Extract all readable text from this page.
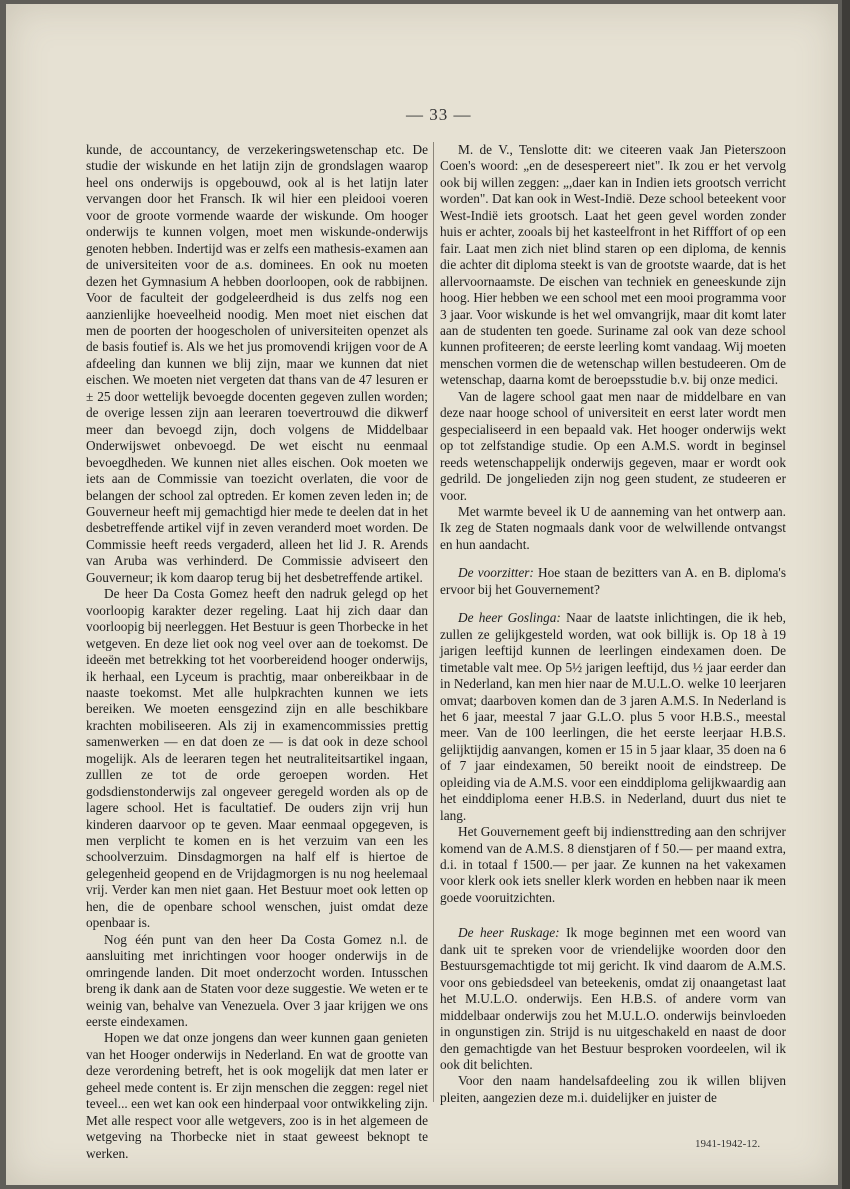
— 33 —

kunde, de accountancy, de verzekeringswetenschap etc. De studie der wiskunde en het latijn zijn de grondslagen waarop heel ons onderwijs is opgebouwd, ook al is het latijn later vervangen door het Fransch. Ik wil hier een pleidooi voeren voor de groote vormende waarde der wiskunde. Om hooger onderwijs te kunnen volgen, moet men wiskunde-onderwijs genoten hebben. Indertijd was er zelfs een mathesis-examen aan de universiteiten voor de a.s. dominees. En ook nu moeten dezen het Gymnasium A hebben doorloopen, ook de rabbijnen. Voor de faculteit der godgeleerdheid is dus zelfs nog een aanzienlijke hoeveelheid noodig. Men moet niet eischen dat men de poorten der hoogescholen of universiteiten openzet als de basis foutief is. Als we het jus promovendi krijgen voor de A afdeeling dan kunnen we blij zijn, maar we kunnen dat niet eischen. We moeten niet vergeten dat thans van de 47 lesuren er ± 25 door wettelijk bevoegde docenten gegeven zullen worden; de overige lessen zijn aan leeraren toevertrouwd die dikwerf meer dan bevoegd zijn, doch volgens de Middelbaar Onderwijswet onbevoegd. De wet eischt nu eenmaal bevoegdheden. We kunnen niet alles eischen. Ook moeten we iets aan de Commissie van toezicht overlaten, die voor de belangen der school zal optreden. Er komen zeven leden in; de Gouverneur heeft mij gemachtigd hier mede te deelen dat in het desbetreffende artikel vijf in zeven veranderd moet worden. De Commissie heeft reeds vergaderd, alleen het lid J. R. Arends van Aruba was verhinderd. De Commissie adviseert den Gouverneur; ik kom daarop terug bij het desbetreffende artikel.

De heer Da Costa Gomez heeft den nadruk gelegd op het voorloopig karakter dezer regeling. Laat hij zich daar dan voorloopig bij neerleggen. Het Bestuur is geen Thorbecke in het wetgeven. En deze liet ook nog veel over aan de toekomst. De ideeën met betrekking tot het voorbereidend hooger onderwijs, ik herhaal, een Lyceum is prachtig, maar onbereikbaar in de naaste toekomst. Met alle hulpkrachten kunnen we iets bereiken. We moeten eensgezind zijn en alle beschikbare krachten mobiliseeren. Als zij in examencommissies prettig samenwerken — en dat doen ze — is dat ook in deze school mogelijk. Als de leeraren tegen het neutraliteitsartikel ingaan, zulllen ze tot de orde geroepen worden. Het godsdienstonderwijs zal ongeveer geregeld worden als op de lagere school. Het is facultatief. De ouders zijn vrij hun kinderen daarvoor op te geven. Maar eenmaal opgegeven, is men verplicht te komen en is het verzuim van een les schoolverzuim. Dinsdagmorgen na half elf is hiertoe de gelegenheid geopend en de Vrijdagmorgen is nu nog heelemaal vrij. Verder kan men niet gaan. Het Bestuur moet ook letten op hen, die de openbare school wenschen, juist omdat deze openbaar is.

Nog één punt van den heer Da Costa Gomez n.l. de aansluiting met inrichtingen voor hooger onderwijs in de omringende landen. Dit moet onderzocht worden. Intusschen breng ik dank aan de Staten voor deze suggestie. We weten er te weinig van, behalve van Venezuela. Over 3 jaar krijgen we ons eerste eindexamen.

Hopen we dat onze jongens dan weer kunnen gaan genieten van het Hooger onderwijs in Nederland. En wat de grootte van deze verordening betreft, het is ook mogelijk dat men later er geheel mede content is. Er zijn menschen die zeggen: regel niet teveel... een wet kan ook een hinderpaal voor ontwikkeling zijn. Met alle respect voor alle wetgevers, zoo is in het algemeen de wetgeving na Thorbecke niet in staat geweest beknopt te werken.

M. de V., Tenslotte dit: we citeeren vaak Jan Pieterszoon Coen's woord: „en de desespereert niet". Ik zou er het vervolg ook bij willen zeggen: „,daer kan in Indien iets grootsch verricht worden". Dat kan ook in West-Indië. Deze school beteekent voor West-Indië iets grootsch. Laat het geen gevel worden zonder huis er achter, zooals bij het kasteelfront in het Rifffort of op een fair. Laat men zich niet blind staren op een diploma, de kennis die achter dit diploma steekt is van de grootste waarde, dat is het allervoornaamste. De eischen van techniek en geneeskunde zijn hoog. Hier hebben we een school met een mooi programma voor 3 jaar. Voor wiskunde is het wel omvangrijk, maar dit komt later aan de studenten ten goede. Suriname zal ook van deze school kunnen profiteeren; de eerste leerling komt vandaag. Wij moeten menschen vormen die de wetenschap willen bestudeeren. Om de wetenschap, daarna komt de beroepsstudie b.v. bij onze medici.

Van de lagere school gaat men naar de middelbare en van deze naar hooge school of universiteit en eerst later wordt men gespecialiseerd in een bepaald vak. Het hooger onderwijs wekt op tot zelfstandige studie. Op een A.M.S. wordt in beginsel reeds wetenschappelijk onderwijs gegeven, maar er wordt ook gedrild. De jongelieden zijn nog geen student, ze studeeren er voor.

Met warmte beveel ik U de aanneming van het ontwerp aan. Ik zeg de Staten nogmaals dank voor de welwillende ontvangst en hun aandacht.

De voorzitter: Hoe staan de bezitters van A. en B. diploma's ervoor bij het Gouvernement?

De heer Goslinga: Naar de laatste inlichtingen, die ik heb, zullen ze gelijkgesteld worden, wat ook billijk is. Op 18 à 19 jarigen leeftijd kunnen de leerlingen eindexamen doen. De timetable valt mee. Op 5½ jarigen leeftijd, dus ½ jaar eerder dan in Nederland, kan men hier naar de M.U.L.O. welke 10 leerjaren omvat; daarboven komen dan de 3 jaren A.M.S. In Nederland is het 6 jaar, meestal 7 jaar G.L.O. plus 5 voor H.B.S., meestal meer. Van de 100 leerlingen, die het eerste leerjaar H.B.S. gelijktijdig aanvangen, komen er 15 in 5 jaar klaar, 35 doen na 6 of 7 jaar eindexamen, 50 bereikt nooit de eindstreep. De opleiding via de A.M.S. voor een einddiploma gelijkwaardig aan het einddiploma eener H.B.S. in Nederland, duurt dus niet te lang.

Het Gouvernement geeft bij indiensttreding aan den schrijver komend van de A.M.S. 8 dienstjaren of f 50.— per maand extra, d.i. in totaal f 1500.— per jaar. Ze kunnen na het vakexamen voor klerk ook iets sneller klerk worden en hebben naar ik meen goede vooruitzichten.

De heer Ruskage: Ik moge beginnen met een woord van dank uit te spreken voor de vriendelijke woorden door den Bestuursgemachtigde tot mij gericht. Ik vind daarom de A.M.S. voor ons gebiedsdeel van beteekenis, omdat zij onaangetast laat het M.U.L.O. onderwijs. Een H.B.S. of andere vorm van middelbaar onderwijs zou het M.U.L.O. onderwijs beinvloeden in ongunstigen zin. Strijd is nu uitgeschakeld en naast de door den gemachtigde van het Bestuur besproken voordeelen, wil ik ook dit belichten.

Voor den naam handelsafdeeling zou ik willen blijven pleiten, aangezien deze m.i. duidelijker en juister de

1941-1942-12.
